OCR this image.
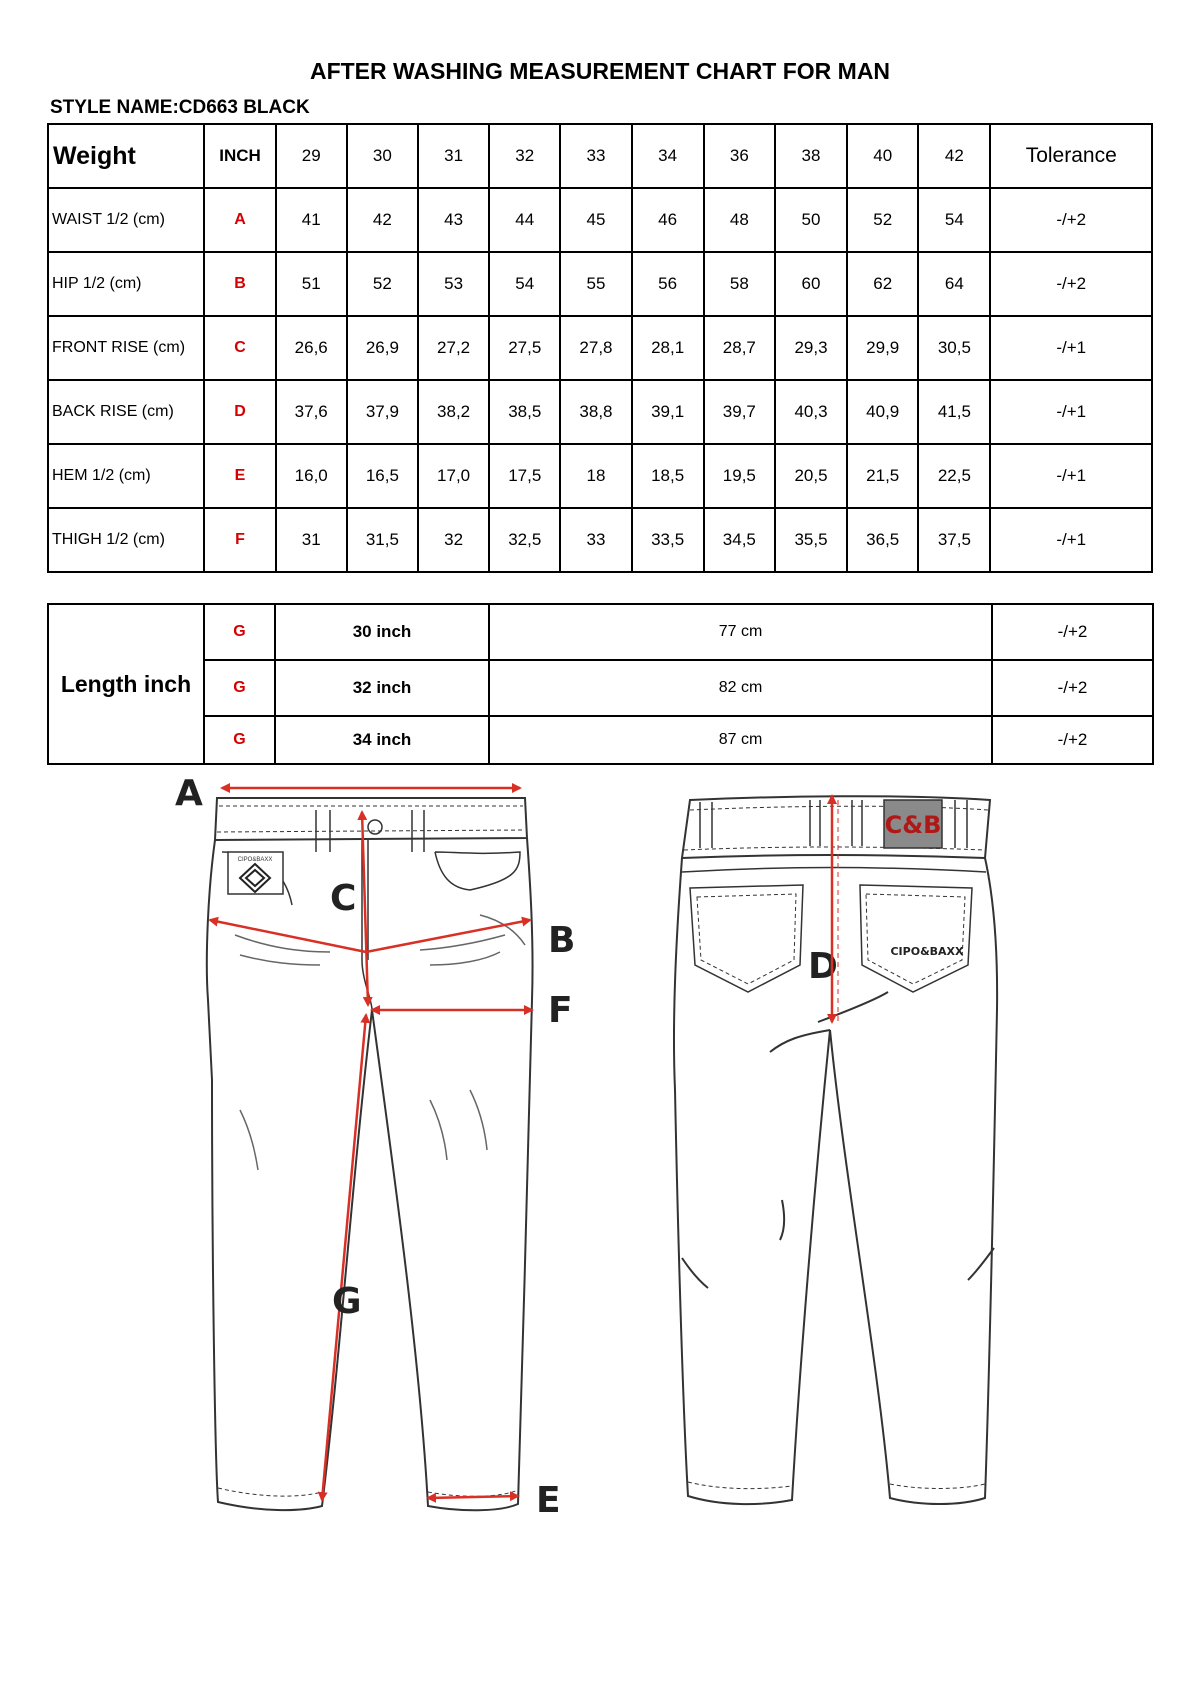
AFTER WASHING MEASUREMENT CHART FOR MAN
STYLE NAME:CD663 BLACK
Weight	INCH	29	30	31	32	33	34	36	38	40	42	Tolerance
WAIST 1/2 (cm)	A	41	42	43	44	45	46	48	50	52	54	-/+2
HIP 1/2 (cm)	B	51	52	53	54	55	56	58	60	62	64	-/+2
FRONT RISE (cm)	C	26,6	26,9	27,2	27,5	27,8	28,1	28,7	29,3	29,9	30,5	-/+1
BACK RISE (cm)	D	37,6	37,9	38,2	38,5	38,8	39,1	39,7	40,3	40,9	41,5	-/+1
HEM 1/2 (cm)	E	16,0	16,5	17,0	17,5	18	18,5	19,5	20,5	21,5	22,5	-/+1
THIGH 1/2 (cm)	F	31	31,5	32	32,5	33	33,5	34,5	35,5	36,5	37,5	-/+1
Length inch	G	30 inch	77 cm	-/+2
	G	32 inch	82 cm	-/+2
	G	34 inch	87 cm	-/+2
CIPO&BAXX
A
C
B
F
G
E
D
C&B
CIPO&BAXX
